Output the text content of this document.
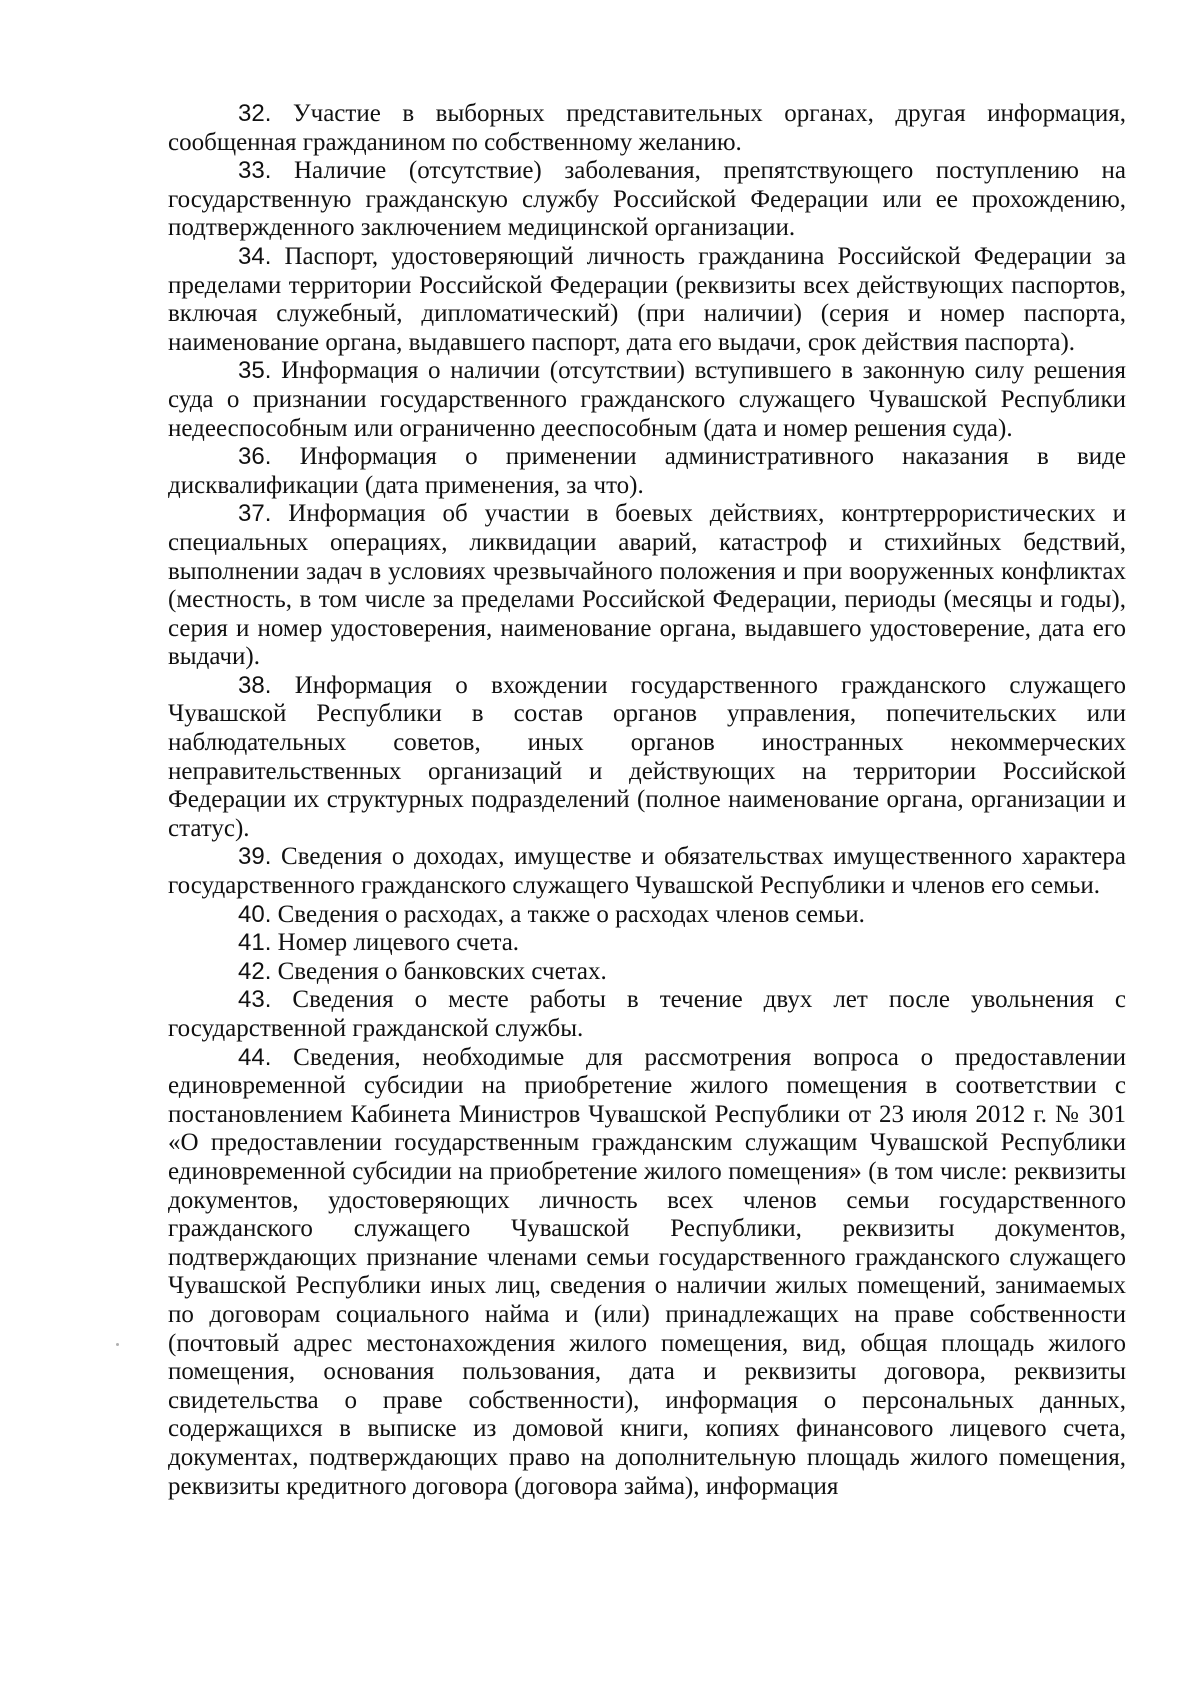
32. Участие в выборных представительных органах, другая информация, сообщенная гражданином по собственному желанию.

33. Наличие (отсутствие) заболевания, препятствующего поступлению на государственную гражданскую службу Российской Федерации или ее прохождению, подтвержденного заключением медицинской организации.

34. Паспорт, удостоверяющий личность гражданина Российской Федерации за пределами территории Российской Федерации (реквизиты всех действующих паспортов, включая служебный, дипломатический) (при наличии) (серия и номер паспорта, наименование органа, выдавшего паспорт, дата его выдачи, срок действия паспорта).

35. Информация о наличии (отсутствии) вступившего в законную силу решения суда о признании государственного гражданского служащего Чувашской Республики недееспособным или ограниченно дееспособным (дата и номер решения суда).

36. Информация о применении административного наказания в виде дисквалификации (дата применения, за что).

37. Информация об участии в боевых действиях, контртеррористических и специальных операциях, ликвидации аварий, катастроф и стихийных бедствий, выполнении задач в условиях чрезвычайного положения и при вооруженных конфликтах (местность, в том числе за пределами Российской Федерации, периоды (месяцы и годы), серия и номер удостоверения, наименование органа, выдавшего удостоверение, дата его выдачи).

38. Информация о вхождении государственного гражданского служащего Чувашской Республики в состав органов управления, попечительских или наблюдательных советов, иных органов иностранных некоммерческих неправительственных организаций и действующих на территории Российской Федерации их структурных подразделений (полное наименование органа, организации и статус).

39. Сведения о доходах, имуществе и обязательствах имущественного характера государственного гражданского служащего Чувашской Республики и членов его семьи.

40. Сведения о расходах, а также о расходах членов семьи.

41. Номер лицевого счета.

42. Сведения о банковских счетах.

43. Сведения о месте работы в течение двух лет после увольнения с государственной гражданской службы.

44. Сведения, необходимые для рассмотрения вопроса о предоставлении единовременной субсидии на приобретение жилого помещения в соответствии с постановлением Кабинета Министров Чувашской Республики от 23 июля 2012 г. № 301 «О предоставлении государственным гражданским служащим Чувашской Республики единовременной субсидии на приобретение жилого помещения» (в том числе: реквизиты документов, удостоверяющих личность всех членов семьи государственного гражданского служащего Чувашской Республики, реквизиты документов, подтверждающих признание членами семьи государственного гражданского служащего Чувашской Республики иных лиц, сведения о наличии жилых помещений, занимаемых по договорам социального найма и (или) принадлежащих на праве собственности (почтовый адрес местонахождения жилого помещения, вид, общая площадь жилого помещения, основания пользования, дата и реквизиты договора, реквизиты свидетельства о праве собственности), информация о персональных данных, содержащихся в выписке из домовой книги, копиях финансового лицевого счета, документах, подтверждающих право на дополнительную площадь жилого помещения, реквизиты кредитного договора (договора займа), информация
